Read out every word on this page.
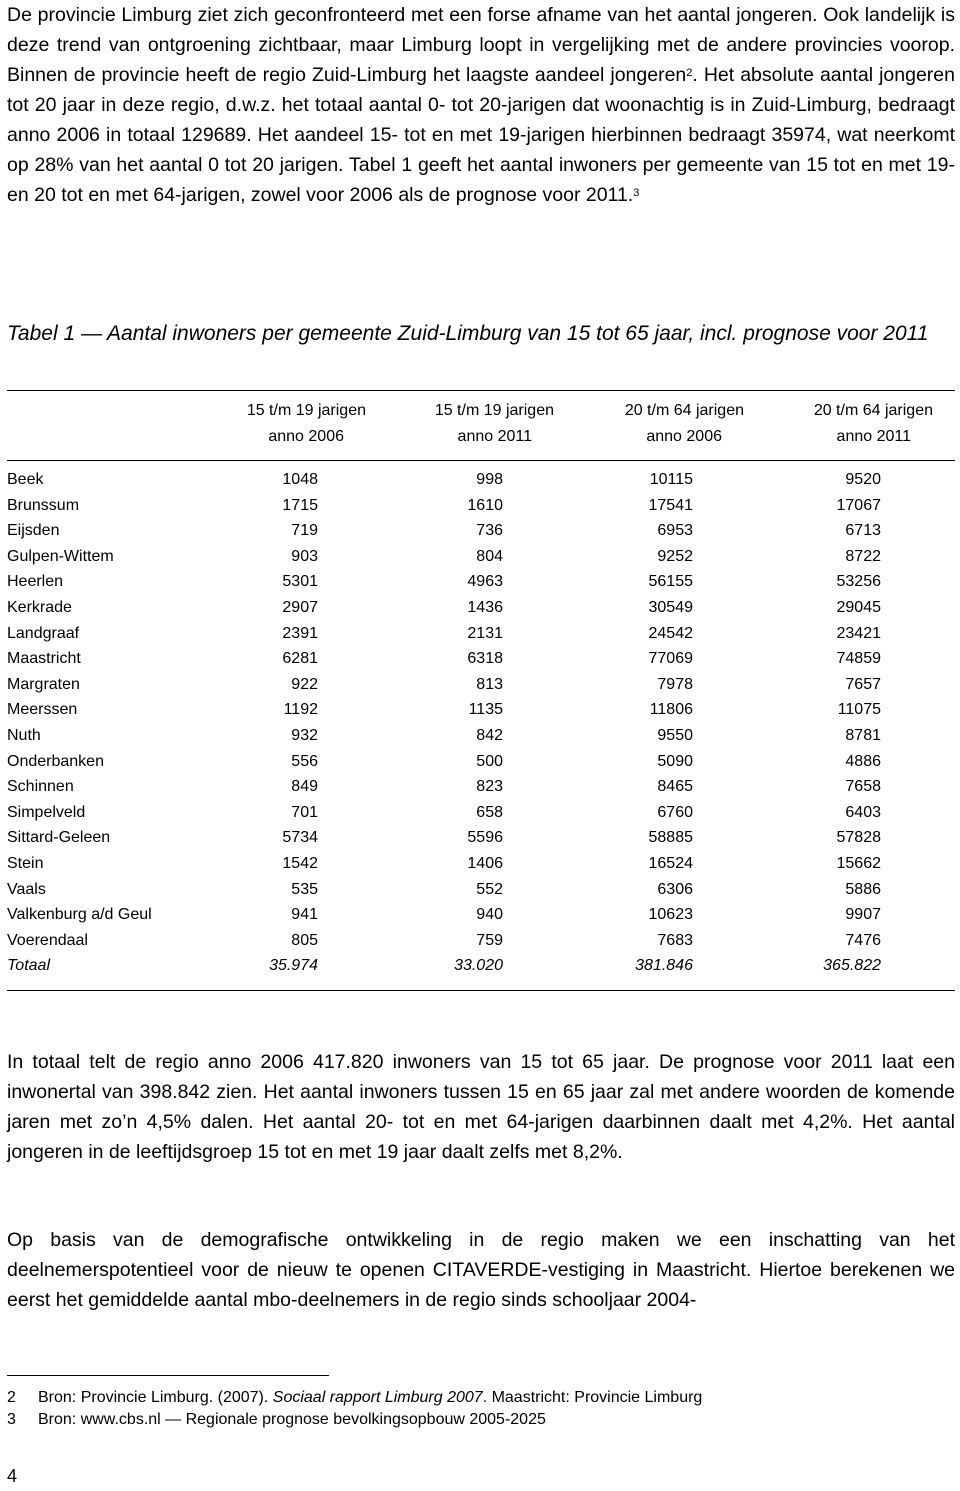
De provincie Limburg ziet zich geconfronteerd met een forse afname van het aantal jongeren. Ook landelijk is deze trend van ontgroening zichtbaar, maar Limburg loopt in vergelijking met de andere provincies voorop. Binnen de provincie heeft de regio Zuid-Limburg het laagste aandeel jongeren$^2$. Het absolute aantal jongeren tot 20 jaar in deze regio, d.w.z. het totaal aantal 0- tot 20-jarigen dat woonachtig is in Zuid-Limburg, bedraagt anno 2006 in totaal 129689. Het aandeel 15- tot en met 19-jarigen hierbinnen bedraagt 35974, wat neerkomt op 28% van het aantal 0 tot 20 jarigen. Tabel 1 geeft het aantal inwoners per gemeente van 15 tot en met 19- en 20 tot en met 64-jarigen, zowel voor 2006 als de prognose voor 2011.$^3$

Tabel 1 — Aantal inwoners per gemeente Zuid-Limburg van 15 tot 65 jaar, incl. prognose voor 2011

15 t/m 19 jarigen
anno 2006
15 t/m 19 jarigen
anno 2011
20 t/m 64 jarigen
anno 2006
20 t/m 64 jarigen
anno 2011
Beek	1048	998	10115	9520
Brunssum	1715	1610	17541	17067
Eijsden	719	736	6953	6713
Gulpen-Wittem	903	804	9252	8722
Heerlen	5301	4963	56155	53256
Kerkrade	2907	1436	30549	29045
Landgraaf	2391	2131	24542	23421
Maastricht	6281	6318	77069	74859
Margraten	922	813	7978	7657
Meerssen	1192	1135	11806	11075
Nuth	932	842	9550	8781
Onderbanken	556	500	5090	4886
Schinnen	849	823	8465	7658
Simpelveld	701	658	6760	6403
Sittard-Geleen	5734	5596	58885	57828
Stein	1542	1406	16524	15662
Vaals	535	552	6306	5886
Valkenburg a/d Geul	941	940	10623	9907
Voerendaal	805	759	7683	7476
Totaal	35.974	33.020	381.846	365.822

In totaal telt de regio anno 2006 417.820 inwoners van 15 tot 65 jaar. De prognose voor 2011 laat een inwonertal van 398.842 zien. Het aantal inwoners tussen 15 en 65 jaar zal met andere woorden de komende jaren met zo’n 4,5% dalen. Het aantal 20- tot en met 64-jarigen daarbinnen daalt met 4,2%. Het aantal jongeren in de leeftijdsgroep 15 tot en met 19 jaar daalt zelfs met 8,2%.

Op basis van de demografische ontwikkeling in de regio maken we een inschatting van het deelnemerspotentieel voor de nieuw te openen CITAVERDE-vestiging in Maastricht. Hiertoe berekenen we eerst het gemiddelde aantal mbo-deelnemers in de regio sinds schooljaar 2004-

2 Bron: Provincie Limburg. (2007). Sociaal rapport Limburg 2007. Maastricht: Provincie Limburg
3 Bron: www.cbs.nl — Regionale prognose bevolkingsopbouw 2005-2025
4
